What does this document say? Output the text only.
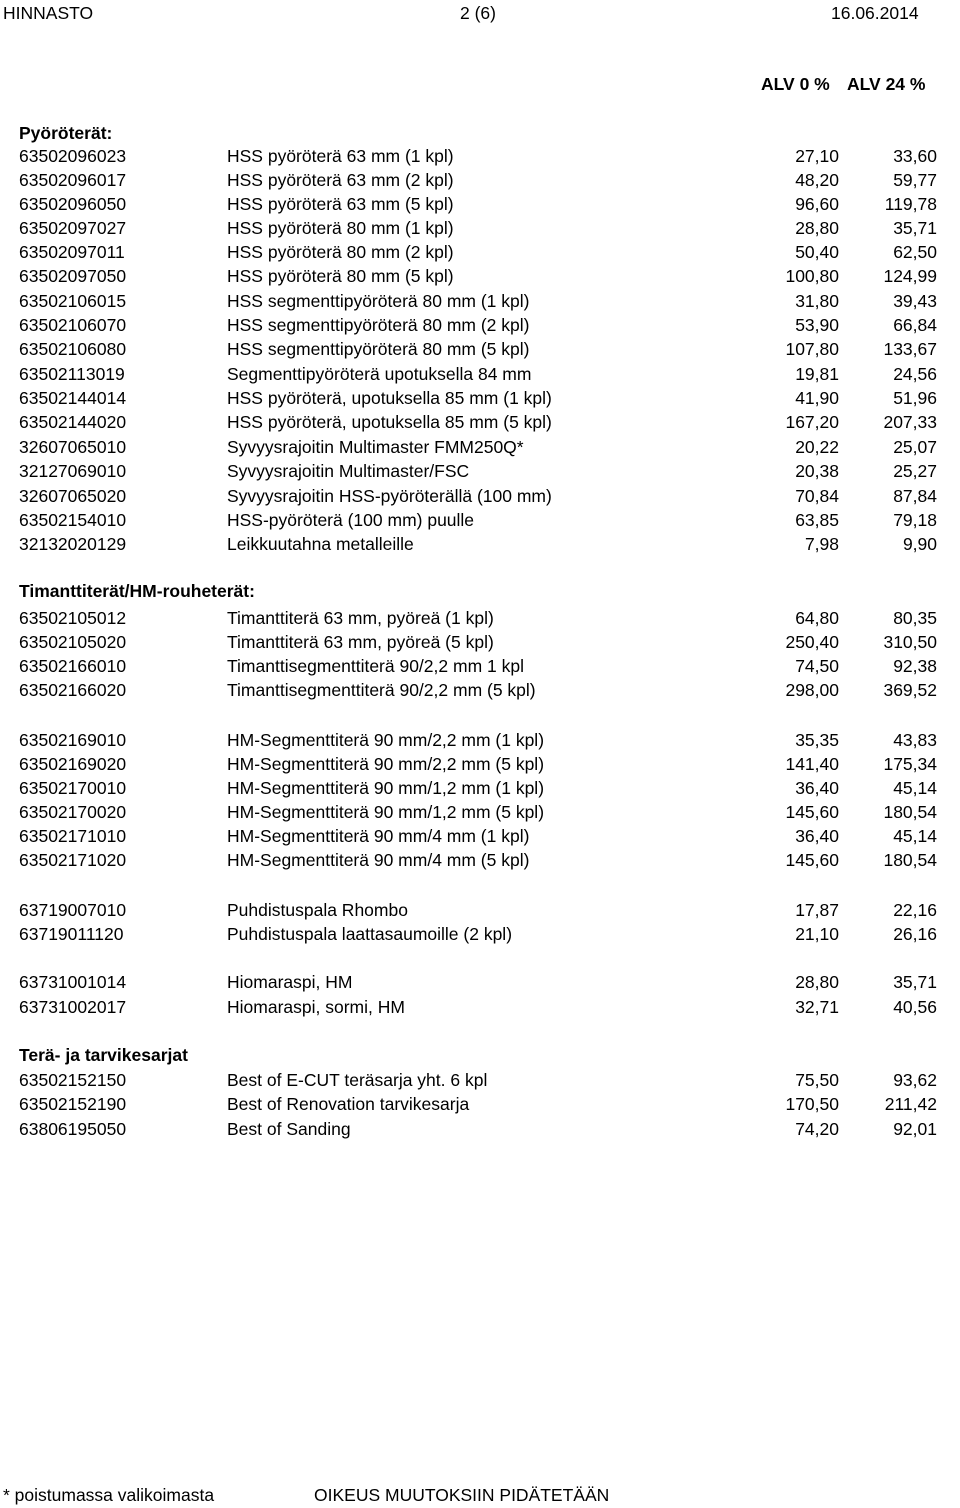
HINNASTO	2 (6)	16.06.2014
ALV 0 % ALV 24 %
Pyöröterät:
63502096023	HSS pyöröterä 63 mm (1 kpl)	27,10	33,60
63502096017	HSS pyöröterä 63 mm (2 kpl)	48,20	59,77
63502096050	HSS pyöröterä 63 mm (5 kpl)	96,60	119,78
63502097027	HSS pyöröterä 80 mm (1 kpl)	28,80	35,71
63502097011	HSS pyöröterä 80 mm (2 kpl)	50,40	62,50
63502097050	HSS pyöröterä 80 mm (5 kpl)	100,80	124,99
63502106015	HSS segmenttipyöröterä 80 mm (1 kpl)	31,80	39,43
63502106070	HSS segmenttipyöröterä 80 mm (2 kpl)	53,90	66,84
63502106080	HSS segmenttipyöröterä 80 mm (5 kpl)	107,80	133,67
63502113019	Segmenttipyöröterä upotuksella 84 mm	19,81	24,56
63502144014	HSS pyöröterä, upotuksella 85 mm (1 kpl)	41,90	51,96
63502144020	HSS pyöröterä, upotuksella 85 mm (5 kpl)	167,20	207,33
32607065010	Syvyysrajoitin Multimaster FMM250Q*	20,22	25,07
32127069010	Syvyysrajoitin Multimaster/FSC	20,38	25,27
32607065020	Syvyysrajoitin HSS-pyöröterällä (100 mm)	70,84	87,84
63502154010	HSS-pyöröterä (100 mm) puulle	63,85	79,18
32132020129	Leikkuutahna metalleille	7,98	9,90
Timanttiterät/HM-rouheterät:
63502105012	Timanttiterä 63 mm, pyöreä (1 kpl)	64,80	80,35
63502105020	Timanttiterä 63 mm, pyöreä (5 kpl)	250,40	310,50
63502166010	Timanttisegmenttiterä 90/2,2 mm 1 kpl	74,50	92,38
63502166020	Timanttisegmenttiterä 90/2,2 mm (5 kpl)	298,00	369,52
63502169010	HM-Segmenttiterä 90 mm/2,2 mm (1 kpl)	35,35	43,83
63502169020	HM-Segmenttiterä 90 mm/2,2 mm (5 kpl)	141,40	175,34
63502170010	HM-Segmenttiterä 90 mm/1,2 mm (1 kpl)	36,40	45,14
63502170020	HM-Segmenttiterä 90 mm/1,2 mm (5 kpl)	145,60	180,54
63502171010	HM-Segmenttiterä 90 mm/4 mm (1 kpl)	36,40	45,14
63502171020	HM-Segmenttiterä 90 mm/4 mm (5 kpl)	145,60	180,54
63719007010	Puhdistuspala Rhombo	17,87	22,16
63719011120	Puhdistuspala laattasaumoille (2 kpl)	21,10	26,16
63731001014	Hiomaraspi, HM	28,80	35,71
63731002017	Hiomaraspi, sormi, HM	32,71	40,56
Terä- ja tarvikesarjat
63502152150	Best of E-CUT teräsarja yht. 6 kpl	75,50	93,62
63502152190	Best of Renovation tarvikesarja	170,50	211,42
63806195050	Best of Sanding	74,20	92,01
* poistumassa valikoimasta	OIKEUS MUUTOKSIIN PIDÄTETÄÄN
